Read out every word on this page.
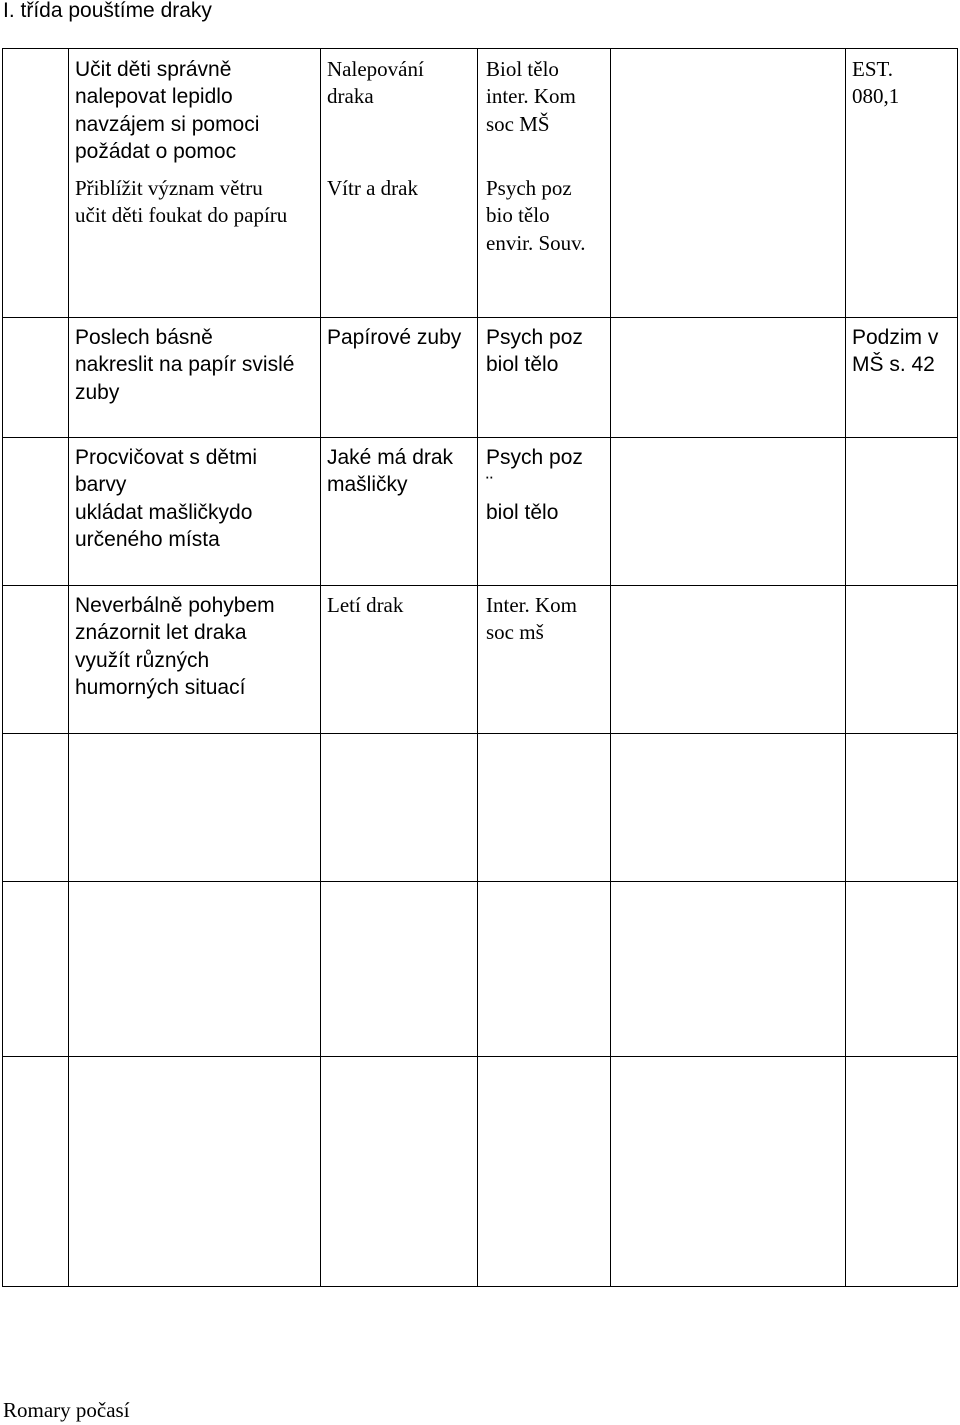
I. třída pouštíme draky
Učit děti správně
nalepovat lepidlo
navzájem si pomoci
požádat o pomoc
Přiblížit význam větru
učit děti foukat do papíru
Nalepování
draka
Vítr a drak
Biol tělo
inter. Kom
soc MŠ
Psych poz
bio tělo
envir. Souv.
EST.
080,1
Poslech básně
nakreslit na papír svislé
zuby
Papírové zuby Psych poz
biol tělo
Podzim v
MŠ s. 42
Procvičovat s dětmi
barvy
ukládat mašličkydo
určeného místa
Jaké má drak
mašličky
Psych poz
¨
biol tělo
Neverbálně pohybem
znázornit let draka
využít různých
humorných situací
Letí drak	Inter. Kom
soc mš
Romary počasí
